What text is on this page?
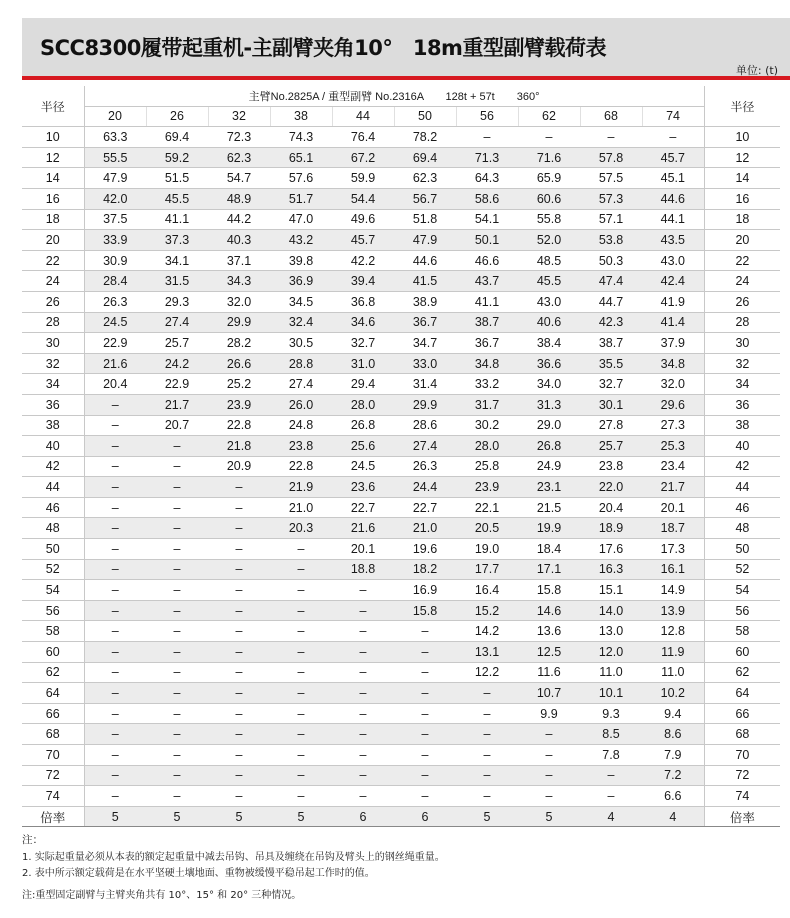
SCC8300履带起重机-主副臂夹角10°　18m重型副臂载荷表
单位: (t)
半径	主臂No.2825A / 重型副臂 No.2316A　　128t + 57t　　360°										半径
	20	26	32	38	44	50	56	62	68	74	
10	63.3	69.4	72.3	74.3	76.4	78.2	–	–	–	–	10
12	55.5	59.2	62.3	65.1	67.2	69.4	71.3	71.6	57.8	45.7	12
14	47.9	51.5	54.7	57.6	59.9	62.3	64.3	65.9	57.5	45.1	14
16	42.0	45.5	48.9	51.7	54.4	56.7	58.6	60.6	57.3	44.6	16
18	37.5	41.1	44.2	47.0	49.6	51.8	54.1	55.8	57.1	44.1	18
20	33.9	37.3	40.3	43.2	45.7	47.9	50.1	52.0	53.8	43.5	20
22	30.9	34.1	37.1	39.8	42.2	44.6	46.6	48.5	50.3	43.0	22
24	28.4	31.5	34.3	36.9	39.4	41.5	43.7	45.5	47.4	42.4	24
26	26.3	29.3	32.0	34.5	36.8	38.9	41.1	43.0	44.7	41.9	26
28	24.5	27.4	29.9	32.4	34.6	36.7	38.7	40.6	42.3	41.4	28
30	22.9	25.7	28.2	30.5	32.7	34.7	36.7	38.4	38.7	37.9	30
32	21.6	24.2	26.6	28.8	31.0	33.0	34.8	36.6	35.5	34.8	32
34	20.4	22.9	25.2	27.4	29.4	31.4	33.2	34.0	32.7	32.0	34
36	–	21.7	23.9	26.0	28.0	29.9	31.7	31.3	30.1	29.6	36
38	–	20.7	22.8	24.8	26.8	28.6	30.2	29.0	27.8	27.3	38
40	–	–	21.8	23.8	25.6	27.4	28.0	26.8	25.7	25.3	40
42	–	–	20.9	22.8	24.5	26.3	25.8	24.9	23.8	23.4	42
44	–	–	–	21.9	23.6	24.4	23.9	23.1	22.0	21.7	44
46	–	–	–	21.0	22.7	22.7	22.1	21.5	20.4	20.1	46
48	–	–	–	20.3	21.6	21.0	20.5	19.9	18.9	18.7	48
50	–	–	–	–	20.1	19.6	19.0	18.4	17.6	17.3	50
52	–	–	–	–	18.8	18.2	17.7	17.1	16.3	16.1	52
54	–	–	–	–	–	16.9	16.4	15.8	15.1	14.9	54
56	–	–	–	–	–	15.8	15.2	14.6	14.0	13.9	56
58	–	–	–	–	–	–	14.2	13.6	13.0	12.8	58
60	–	–	–	–	–	–	13.1	12.5	12.0	11.9	60
62	–	–	–	–	–	–	12.2	11.6	11.0	11.0	62
64	–	–	–	–	–	–	–	10.7	10.1	10.2	64
66	–	–	–	–	–	–	–	9.9	9.3	9.4	66
68	–	–	–	–	–	–	–	–	8.5	8.6	68
70	–	–	–	–	–	–	–	–	7.8	7.9	70
72	–	–	–	–	–	–	–	–	–	7.2	72
74	–	–	–	–	–	–	–	–	–	6.6	74
倍率	5	5	5	5	6	6	5	5	4	4	倍率
注：
1. 实际起重量必须从本表的额定起重量中减去吊钩、吊具及缠绕在吊钩及臂头上的钢丝绳重量。
2. 表中所示额定载荷是在水平坚硬土壤地面、重物被缓慢平稳吊起工作时的值。
注:重型固定副臂与主臂夹角共有 10°、15° 和 20° 三种情况。
